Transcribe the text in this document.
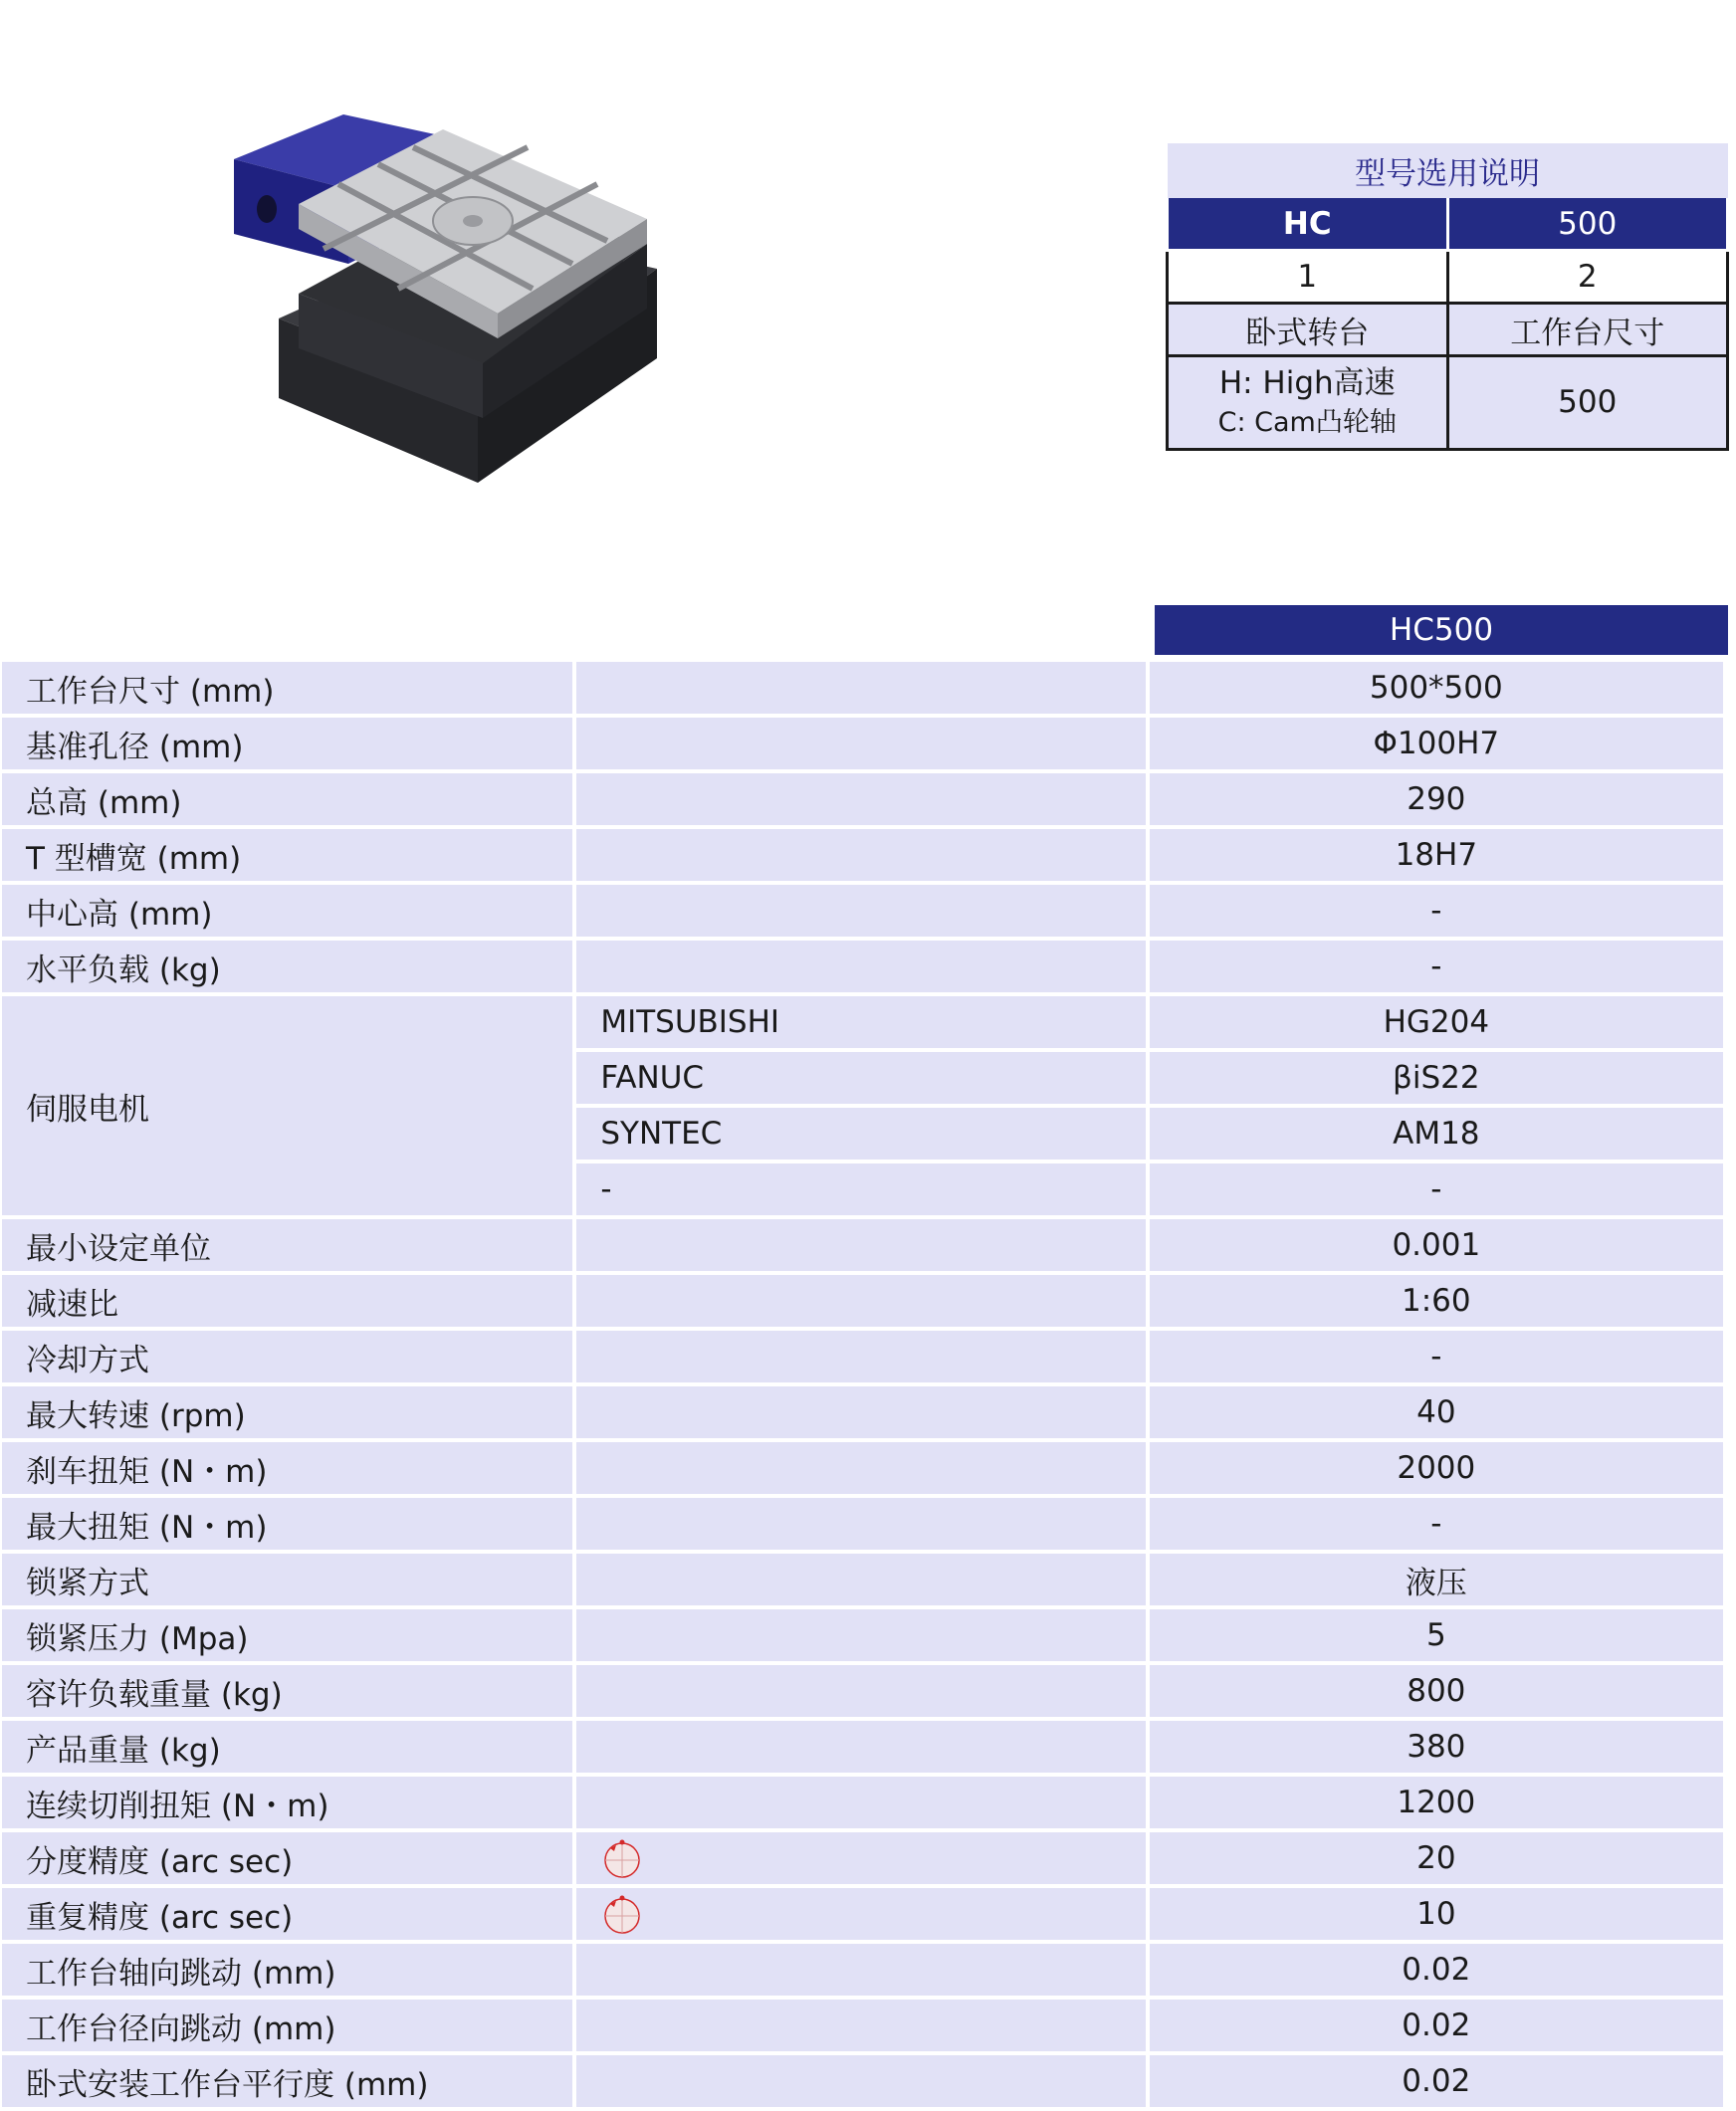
型号选用说明	
HC	500
1	2
卧式转台	工作台尺寸
H: High高速

C: Cam凸轮轴	500
HC500
工作台尺寸 (mm)		500*500
基准孔径 (mm)		Φ100H7
总高 (mm)		290
T 型槽宽 (mm)		18H7
中心高 (mm)		-
水平负载 (kg)		-
伺服电机	MITSUBISHI	HG204
	FANUC	βiS22
	SYNTEC	AM18
	-	-
最小设定单位		0.001
减速比		1:60
冷却方式		-
最大转速 (rpm)		40
刹车扭矩 (N・m)		2000
最大扭矩 (N・m)		-
锁紧方式		液压
锁紧压力 (Mpa)		5
容许负载重量 (kg)		800
产品重量 (kg)		380
连续切削扭矩 (N・m)		1200
分度精度 (arc sec)		20
重复精度 (arc sec)		10
工作台轴向跳动 (mm)		0.02
工作台径向跳动 (mm)		0.02
卧式安装工作台平行度 (mm)		0.02
